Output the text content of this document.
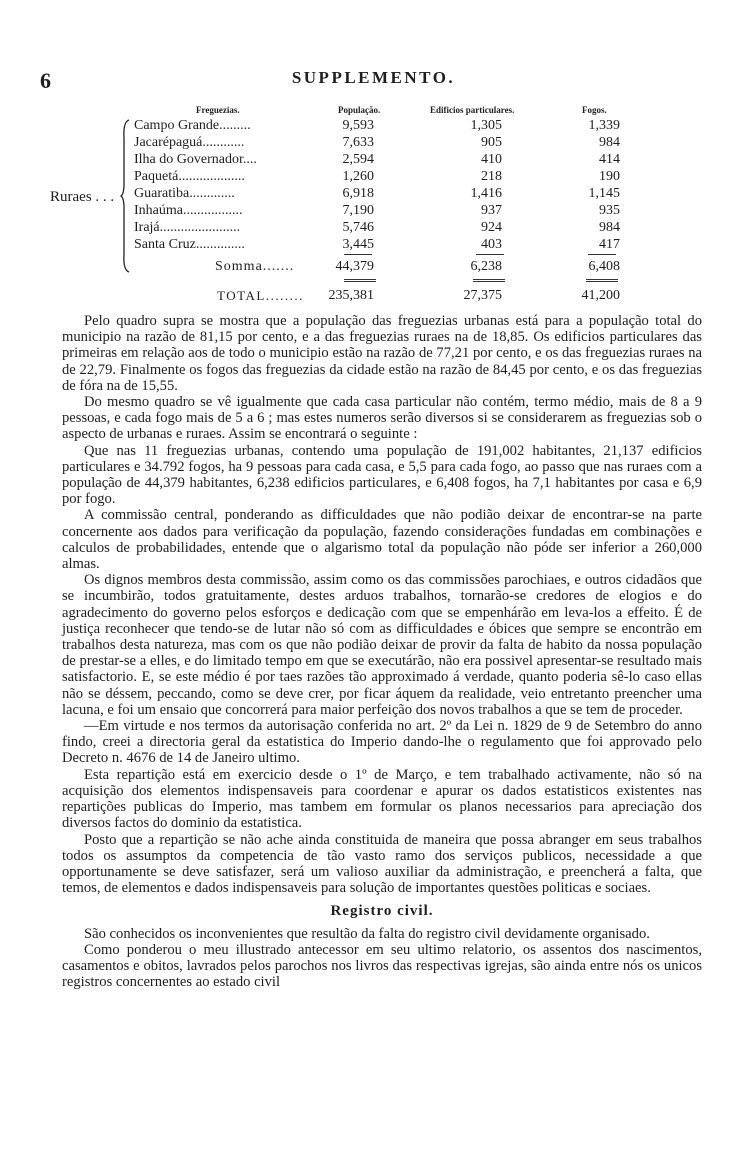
6	SUPPLEMENTO.
Freguezias.	População.	Edificios particulares.	Fogos.
Ruraes . . .
Campo Grande.........	9,593	1,305	1,339
Jacarépaguá............	7,633	905	984
Ilha do Governador....	2,594	410	414
Paquetá...................	1,260	218	190
Guaratiba.............	6,918	1,416	1,145
Inhaúma.................	7,190	937	935
Irajá.......................	5,746	924	984
Santa Cruz..............	3,445	403	417
Somma.......	44,379	6,238	6,408
TOTAL........	235,381	27,375	41,200

Pelo quadro supra se mostra que a população das freguezias urbanas está para a população total do municipio na razão de 81,15 por cento, e a das freguezias ruraes na de 18,85. Os edificios particulares das primeiras em relação aos de todo o municipio estão na razão de 77,21 por cento, e os das freguezias ruraes na de 22,79. Finalmente os fogos das freguezias da cidade estão na razão de 84,45 por cento, e os das freguezias de fóra na de 15,55.

Do mesmo quadro se vê igualmente que cada casa particular não contém, termo médio, mais de 8 a 9 pessoas, e cada fogo mais de 5 a 6 ; mas estes numeros serão diversos si se considerarem as freguezias sob o aspecto de urbanas e ruraes. Assim se encontrará o seguinte :

Que nas 11 freguezias urbanas, contendo uma população de 191,002 habitantes, 21,137 edificios particulares e 34.792 fogos, ha 9 pessoas para cada casa, e 5,5 para cada fogo, ao passo que nas ruraes com a população de 44,379 habitantes, 6,238 edificios particulares, e 6,408 fogos, ha 7,1 habitantes por casa e 6,9 por fogo.

A commissão central, ponderando as difficuldades que não podião deixar de encontrar-se na parte concernente aos dados para verificação da população, fazendo considerações fundadas em combinações e calculos de probabilidades, entende que o algarismo total da população não póde ser inferior a 260,000 almas.

Os dignos membros desta commissão, assim como os das commissões parochiaes, e outros cidadãos que se incumbirão, todos gratuitamente, destes arduos trabalhos, tornarão-se credores de elogios e do agradecimento do governo pelos esforços e dedicação com que se empenhárão em leva-los a effeito. É de justiça reconhecer que tendo-se de lutar não só com as difficuldades e óbices que sempre se encontrão em trabalhos desta natureza, mas com os que não podião deixar de provir da falta de habito da nossa população de prestar-se a elles, e do limitado tempo em que se executárão, não era possivel apresentar-se resultado mais satisfactorio. E, se este médio é por taes razões tão approximado á verdade, quanto poderia sê-lo caso ellas não se déssem, peccando, como se deve crer, por ficar áquem da realidade, veio entretanto preencher uma lacuna, e foi um ensaio que concorrerá para maior perfeição dos novos trabalhos a que se tem de proceder.

—Em virtude e nos termos da autorisação conferida no art. 2º da Lei n. 1829 de 9 de Setembro do anno findo, creei a directoria geral da estatistica do Imperio dando-lhe o regulamento que foi approvado pelo Decreto n. 4676 de 14 de Janeiro ultimo.

Esta repartição está em exercicio desde o 1º de Março, e tem trabalhado activamente, não só na acquisição dos elementos indispensaveis para coordenar e apurar os dados estatisticos existentes nas repartições publicas do Imperio, mas tambem em formular os planos necessarios para apreciação dos diversos factos do dominio da estatistica.

Posto que a repartição se não ache ainda constituida de maneira que possa abranger em seus trabalhos todos os assumptos da competencia de tão vasto ramo dos serviços publicos, necessidade a que opportunamente se deve satisfazer, será um valioso auxiliar da administração, e preencherá a falta, que temos, de elementos e dados indispensaveis para solução de importantes questões politicas e sociaes.

Registro civil.

São conhecidos os inconvenientes que resultão da falta do registro civil devidamente organisado.

Como ponderou o meu illustrado antecessor em seu ultimo relatorio, os assentos dos nascimentos, casamentos e obitos, lavrados pelos parochos nos livros das respectivas igrejas, são ainda entre nós os unicos registros concernentes ao estado civil
